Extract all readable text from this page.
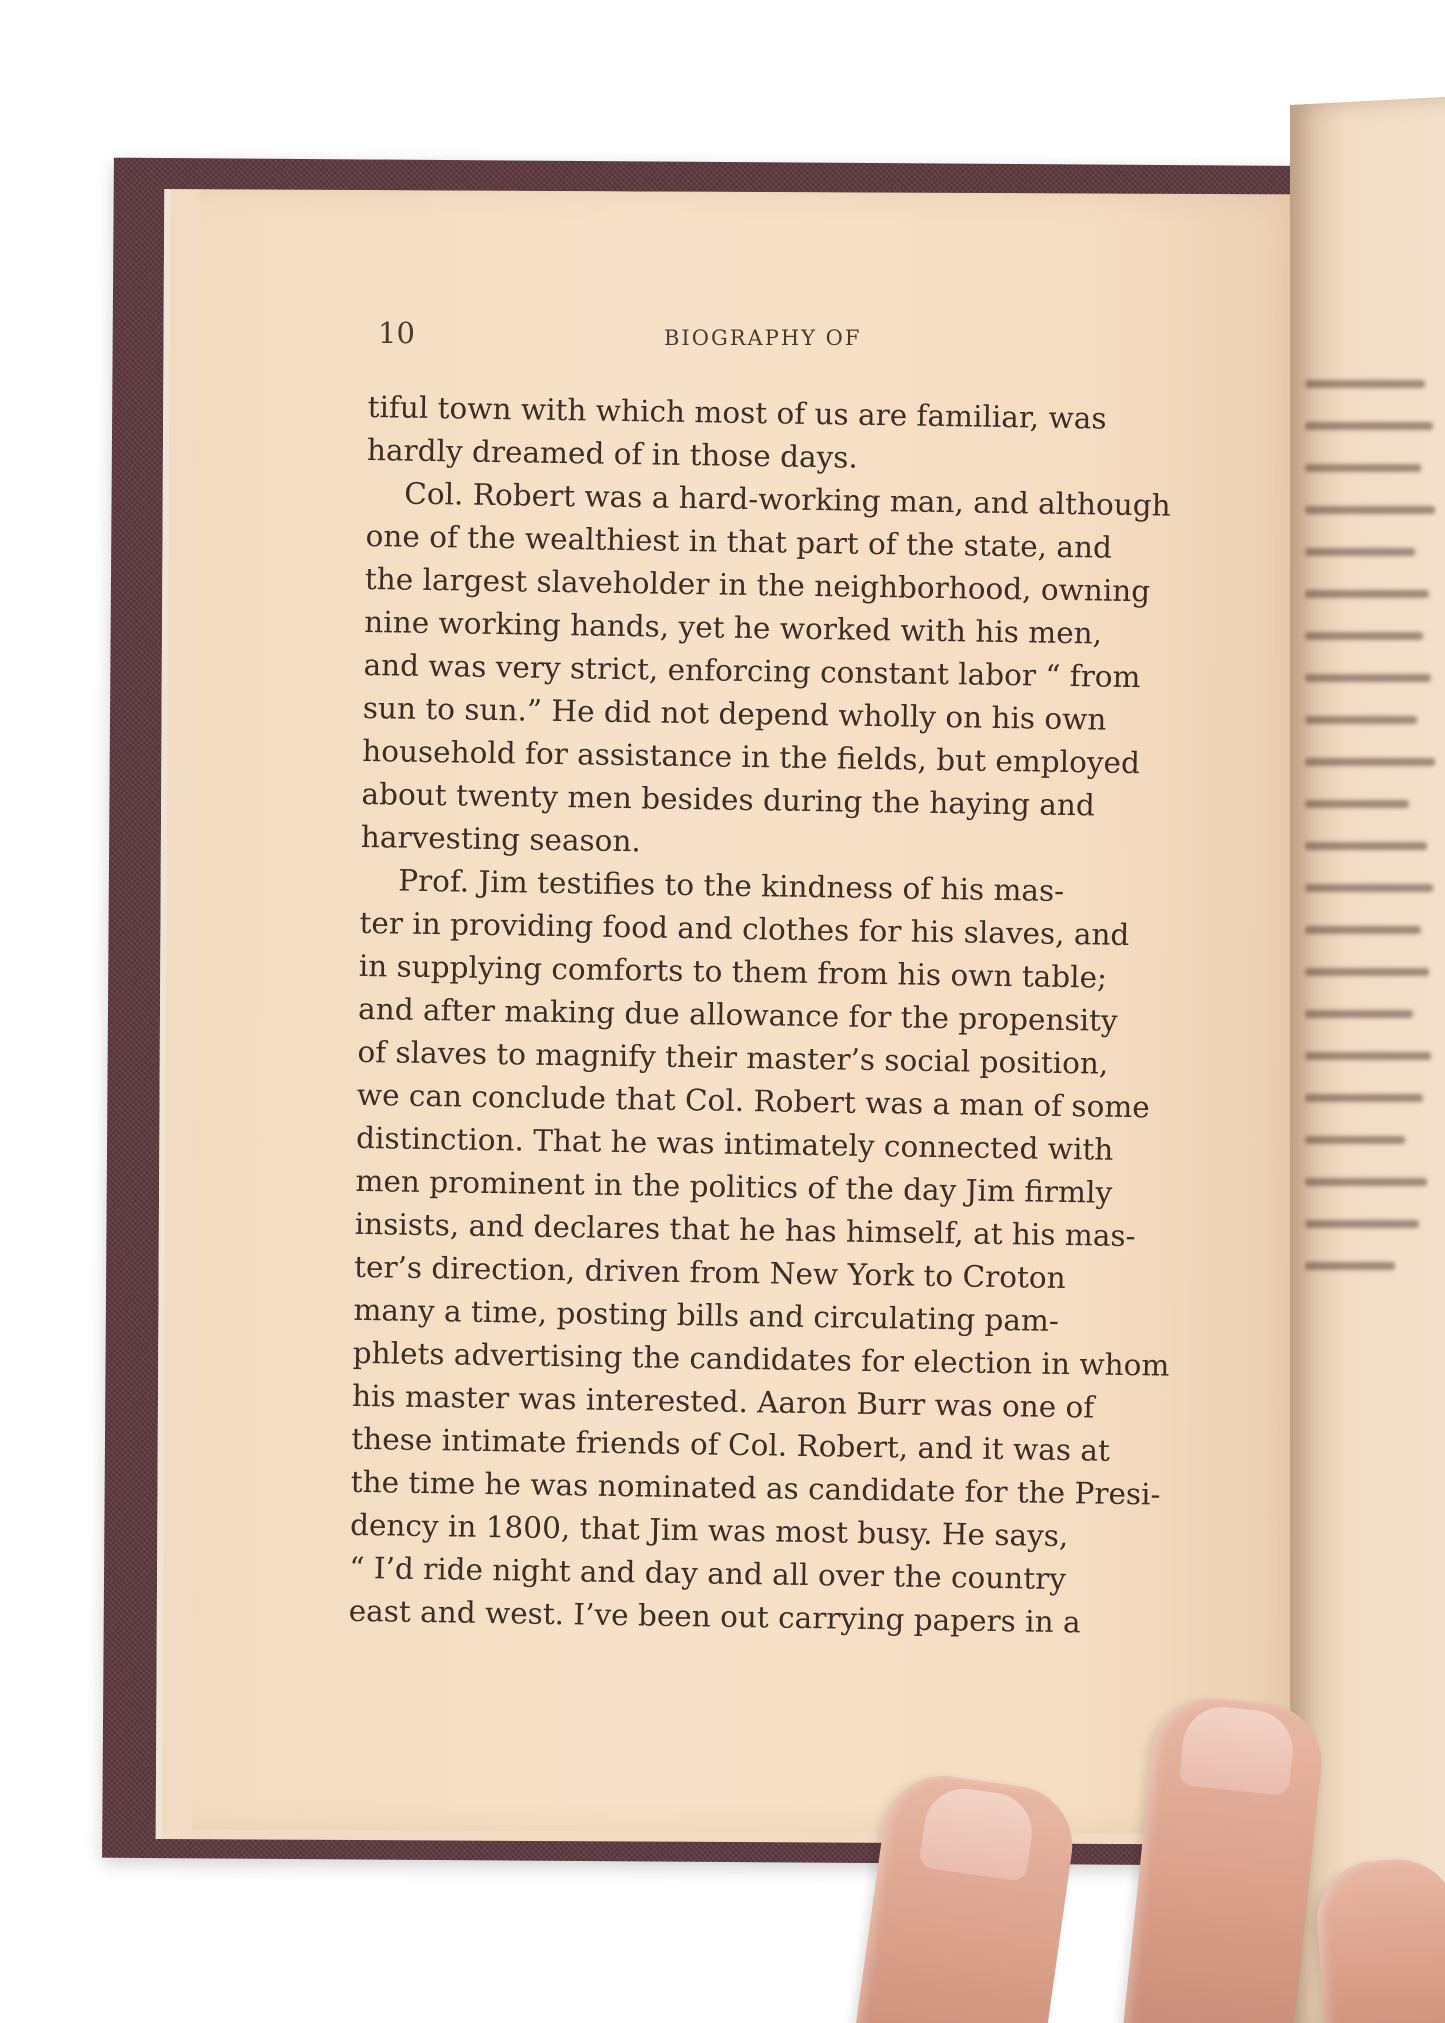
10	BIOGRAPHY OF
tiful town with which most of us are familiar, was
hardly dreamed of in those days.
Col. Robert was a hard-working man, and although
one of the wealthiest in that part of the state, and
the largest slaveholder in the neighborhood, owning
nine working hands, yet he worked with his men,
and was very strict, enforcing constant labor “ from
sun to sun.” He did not depend wholly on his own
household for assistance in the fields, but employed
about twenty men besides during the haying and
harvesting season.
Prof. Jim testifies to the kindness of his mas-
ter in providing food and clothes for his slaves, and
in supplying comforts to them from his own table;
and after making due allowance for the propensity
of slaves to magnify their master’s social position,
we can conclude that Col. Robert was a man of some
distinction. That he was intimately connected with
men prominent in the politics of the day Jim firmly
insists, and declares that he has himself, at his mas-
ter’s direction, driven from New York to Croton
many a time, posting bills and circulating pam-
phlets advertising the candidates for election in whom
his master was interested. Aaron Burr was one of
these intimate friends of Col. Robert, and it was at
the time he was nominated as candidate for the Presi-
dency in 1800, that Jim was most busy. He says,
“ I’d ride night and day and all over the country
east and west. I’ve been out carrying papers in a
